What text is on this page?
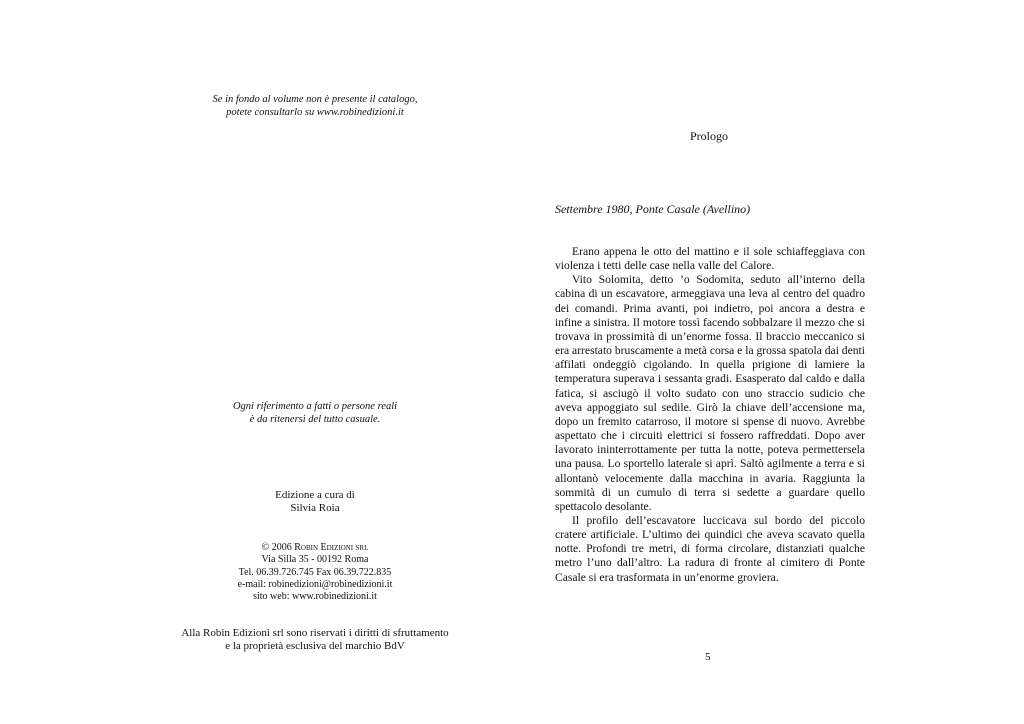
Se in fondo al volume non è presente il catalogo,
potete consultarlo su www.robinedizioni.it
Ogni riferimento a fatti o persone reali
è da ritenersi del tutto casuale.
Edizione a cura di
Silvia Roia
© 2006 Robin Edizioni srl
Via Silla 35 - 00192 Roma
Tel. 06.39.726.745 Fax 06.39.722.835
e-mail: robinedizioni@robinedizioni.it
sito web: www.robinedizioni.it
Alla Robin Edizioni srl sono riservati i diritti di sfruttamento
e la proprietà esclusiva del marchio BdV
Prologo
Settembre 1980, Ponte Casale (Avellino)

Erano appena le otto del mattino e il sole schiaffeggiava con violenza i tetti delle case nella valle del Calore.

Vito Solomita, detto ’o Sodomita, seduto all’interno della cabina di un escavatore, armeggiava una leva al centro del quadro dei comandi. Prima avanti, poi indietro, poi ancora a destra e infine a sinistra. Il motore tossì facendo sobbalzare il mezzo che si trovava in prossimità di un’enorme fossa. Il braccio meccanico si era arrestato bruscamente a metà corsa e la grossa spatola dai denti affilati ondeggiò cigolando. In quella prigione di lamiere la temperatura superava i sessanta gradi. Esasperato dal caldo e dalla fatica, si asciugò il volto sudato con uno straccio sudicio che aveva appoggiato sul sedile. Girò la chiave dell’accensione ma, dopo un fremito catarroso, il motore si spense di nuovo. Avrebbe aspettato che i circuiti elettrici si fossero raffreddati. Dopo aver lavorato ininterrottamente per tutta la notte, poteva permettersela una pausa. Lo sportello laterale si aprì. Saltò agilmente a terra e si allontanò velocemente dalla macchina in avaria. Raggiunta la sommità di un cumulo di terra si sedette a guardare quello spettacolo desolante.

Il profilo dell’escavatore luccicava sul bordo del piccolo cratere artificiale. L’ultimo dei quindici che aveva scavato quella notte. Profondi tre metri, di forma circolare, distanziati qualche metro l’uno dall’altro. La radura di fronte al cimitero di Ponte Casale si era trasformata in un’enorme groviera.

5
